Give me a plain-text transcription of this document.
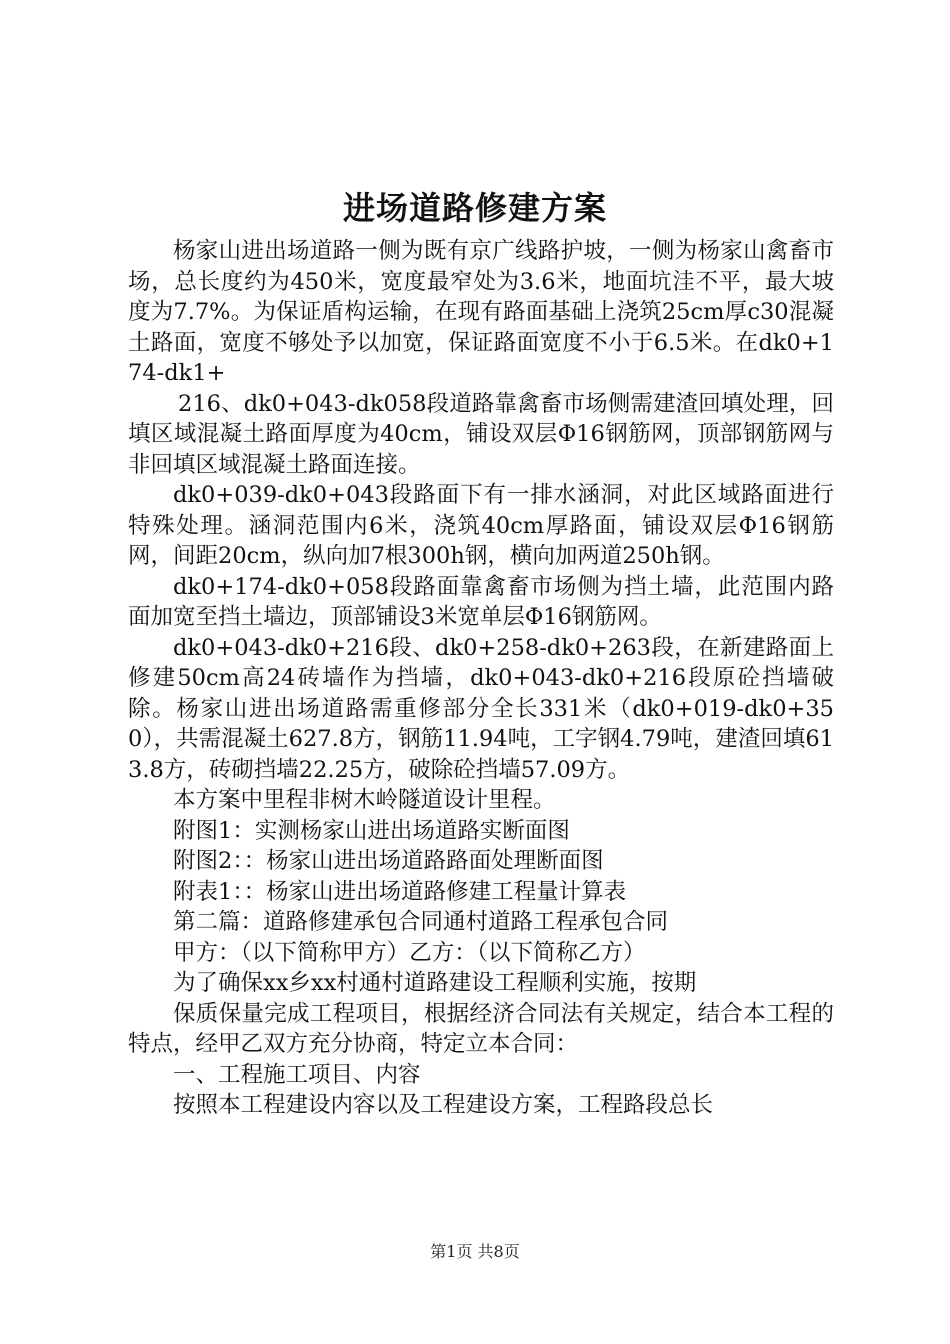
进场道路修建方案

杨家山进出场道路一侧为既有京广线路护坡，一侧为杨家山禽畜市场，总长度约为450米，宽度最窄处为3.6米，地面坑洼不平，最大坡度为7.7%。为保证盾构运输，在现有路面基础上浇筑25cm厚c30混凝土路面，宽度不够处予以加宽，保证路面宽度不小于6.5米。在dk0+174-dk1+

216、dk0+043-dk058段道路靠禽畜市场侧需建渣回填处理，回填区域混凝土路面厚度为40cm，铺设双层Φ16钢筋网，顶部钢筋网与非回填区域混凝土路面连接。

dk0+039-dk0+043段路面下有一排水涵洞，对此区域路面进行特殊处理。涵洞范围内6米，浇筑40cm厚路面，铺设双层Φ16钢筋网，间距20cm，纵向加7根300h钢，横向加两道250h钢。

dk0+174-dk0+058段路面靠禽畜市场侧为挡土墙，此范围内路面加宽至挡土墙边，顶部铺设3米宽单层Φ16钢筋网。

dk0+043-dk0+216段、dk0+258-dk0+263段，在新建路面上修建50cm高24砖墙作为挡墙，dk0+043-dk0+216段原砼挡墙破除。杨家山进出场道路需重修部分全长331米（dk0+019-dk0+350），共需混凝土627.8方，钢筋11.94吨，工字钢4.79吨，建渣回填613.8方，砖砌挡墙22.25方，破除砼挡墙57.09方。

本方案中里程非树木岭隧道设计里程。

附图1：实测杨家山进出场道路实断面图

附图2：：杨家山进出场道路路面处理断面图

附表1：：杨家山进出场道路修建工程量计算表

第二篇：道路修建承包合同通村道路工程承包合同

甲方：（以下简称甲方）乙方：（以下简称乙方）

为了确保xx乡xx村通村道路建设工程顺利实施，按期

保质保量完成工程项目，根据经济合同法有关规定，结合本工程的特点，经甲乙双方充分协商，特定立本合同：

一、工程施工项目、内容

按照本工程建设内容以及工程建设方案，工程路段总长

第1页 共8页
